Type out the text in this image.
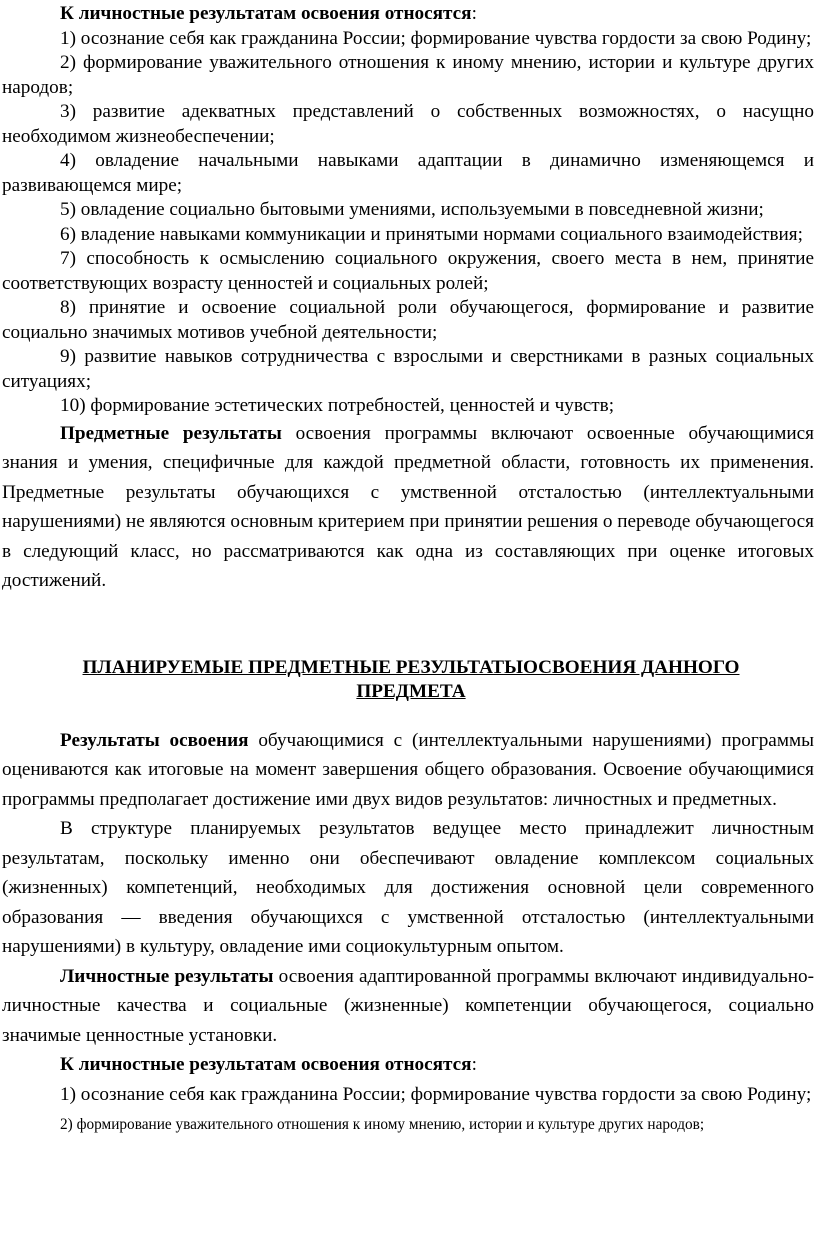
К личностные результатам освоения относятся:

1) осознание себя как гражданина России; формирование чувства гордости за свою Родину;

2) формирование уважительного отношения к иному мнению, истории и культуре других народов;

3) развитие адекватных представлений о собственных возможностях, о насущно необходимом жизнеобеспечении;

4) овладение начальными навыками адаптации в динамично изменяющемся и развивающемся мире;

5) овладение социально бытовыми умениями, используемыми в повседневной жизни;

6) владение навыками коммуникации и принятыми нормами социального взаимодействия;

7) способность к осмыслению социального окружения, своего места в нем, принятие соответствующих возрасту ценностей и социальных ролей;

8) принятие и освоение социальной роли обучающегося, формирование и развитие социально значимых мотивов учебной деятельности;

9) развитие навыков сотрудничества с взрослыми и сверстниками в разных социальных ситуациях;

10) формирование эстетических потребностей, ценностей и чувств;

Предметные результаты освоения программы включают освоенные обучающимися знания и умения, специфичные для каждой предметной области, готовность их применения. Предметные результаты обучающихся с умственной отсталостью (интеллектуальными нарушениями) не являются основным критерием при принятии решения о переводе обучающегося в следующий класс, но рассматриваются как одна из составляющих при оценке итоговых достижений.

ПЛАНИРУЕМЫЕ ПРЕДМЕТНЫЕ РЕЗУЛЬТАТЫОСВОЕНИЯ ДАННОГО

ПРЕДМЕТА

Результаты освоения обучающимися с (интеллектуальными нарушениями) программы оцениваются как итоговые на момент завершения общего образования. Освоение обучающимися программы предполагает достижение ими двух видов результатов: личностных и предметных.

В структуре планируемых результатов ведущее место принадлежит личностным результатам, поскольку именно они обеспечивают овладение комплексом социальных (жизненных) компетенций, необходимых для достижения основной цели современного образования — введения обучающихся с умственной отсталостью (интеллектуальными нарушениями) в культуру, овладение ими социокультурным опытом.

Личностные результаты освоения адаптированной программы включают индивидуально-личностные качества и социальные (жизненные) компетенции обучающегося, социально значимые ценностные установки.

К личностные результатам освоения относятся:

1) осознание себя как гражданина России; формирование чувства гордости за свою Родину;

2) формирование уважительного отношения к иному мнению, истории и культуре других народов;
